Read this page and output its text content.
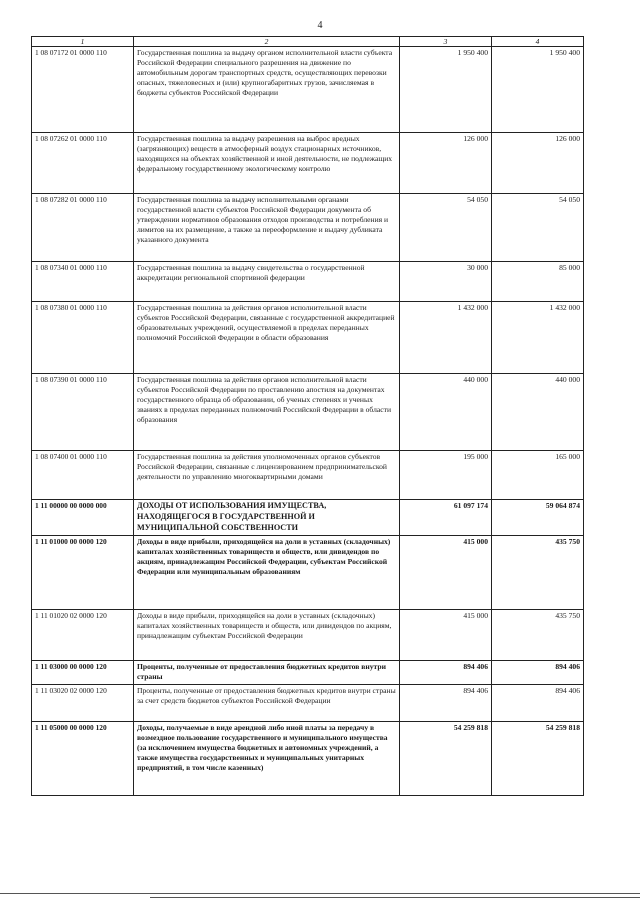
4
1	2	3	4
1 08 07172 01 0000 110	Государственная пошлина за выдачу органом исполнительной власти субъекта Российской Федерации специального разрешения на движение по автомобильным дорогам транспортных средств, осуществляющих перевозки опасных, тяжеловесных и (или) крупногабаритных грузов, зачисляемая в бюджеты субъектов Российской Федерации	1 950 400	1 950 400
1 08 07262 01 0000 110	Государственная пошлина за выдачу разрешения на выброс вредных (загрязняющих) веществ в атмосферный воздух стационарных источников, находящихся на объектах хозяйственной и иной деятельности, не подлежащих федеральному государственному экологическому контролю	126 000	126 000
1 08 07282 01 0000 110	Государственная пошлина за выдачу исполнительными органами государственной власти субъектов Российской Федерации документа об утверждении нормативов образования отходов производства и потребления и лимитов на их размещение, а также за переоформление и выдачу дубликата указанного документа	54 050	54 050
1 08 07340 01 0000 110	Государственная пошлина за выдачу свидетельства о государственной аккредитации региональной спортивной федерации	30 000	85 000
1 08 07380 01 0000 110	Государственная пошлина за действия органов исполнительной власти субъектов Российской Федерации, связанные с государственной аккредитацией образовательных учреждений, осуществляемой в пределах переданных полномочий Российской Федерации в области образования	1 432 000	1 432 000
1 08 07390 01 0000 110	Государственная пошлина за действия органов исполнительной власти субъектов Российской Федерации по проставлению апостиля на документах государственного образца об образовании, об ученых степенях и ученых званиях в пределах переданных полномочий Российской Федерации в области образования	440 000	440 000
1 08 07400 01 0000 110	Государственная пошлина за действия уполномоченных органов субъектов Российской Федерации, связанные с лицензированием предпринимательской деятельности по управлению многоквартирными домами	195 000	165 000
1 11 00000 00 0000 000	ДОХОДЫ ОТ ИСПОЛЬЗОВАНИЯ ИМУЩЕСТВА, НАХОДЯЩЕГОСЯ В ГОСУДАРСТВЕННОЙ И МУНИЦИПАЛЬНОЙ СОБСТВЕННОСТИ	61 097 174	59 064 874
1 11 01000 00 0000 120	Доходы в виде прибыли, приходящейся на доли в уставных (складочных) капиталах хозяйственных товариществ и обществ, или дивидендов по акциям, принадлежащим Российской Федерации, субъектам Российской Федерации или муниципальным образованиям	415 000	435 750
1 11 01020 02 0000 120	Доходы в виде прибыли, приходящейся на доли в уставных (складочных) капиталах хозяйственных товариществ и обществ, или дивидендов по акциям, принадлежащим субъектам Российской Федерации	415 000	435 750
1 11 03000 00 0000 120	Проценты, полученные от предоставления бюджетных кредитов внутри страны	894 406	894 406
1 11 03020 02 0000 120	Проценты, полученные от предоставления бюджетных кредитов внутри страны за счет средств бюджетов субъектов Российской Федерации	894 406	894 406
1 11 05000 00 0000 120	Доходы, получаемые в виде арендной либо иной платы за передачу в возмездное пользование государственного и муниципального имущества (за исключением имущества бюджетных и автономных учреждений, а также имущества государственных и муниципальных унитарных предприятий, в том числе казенных)	54 259 818	54 259 818
